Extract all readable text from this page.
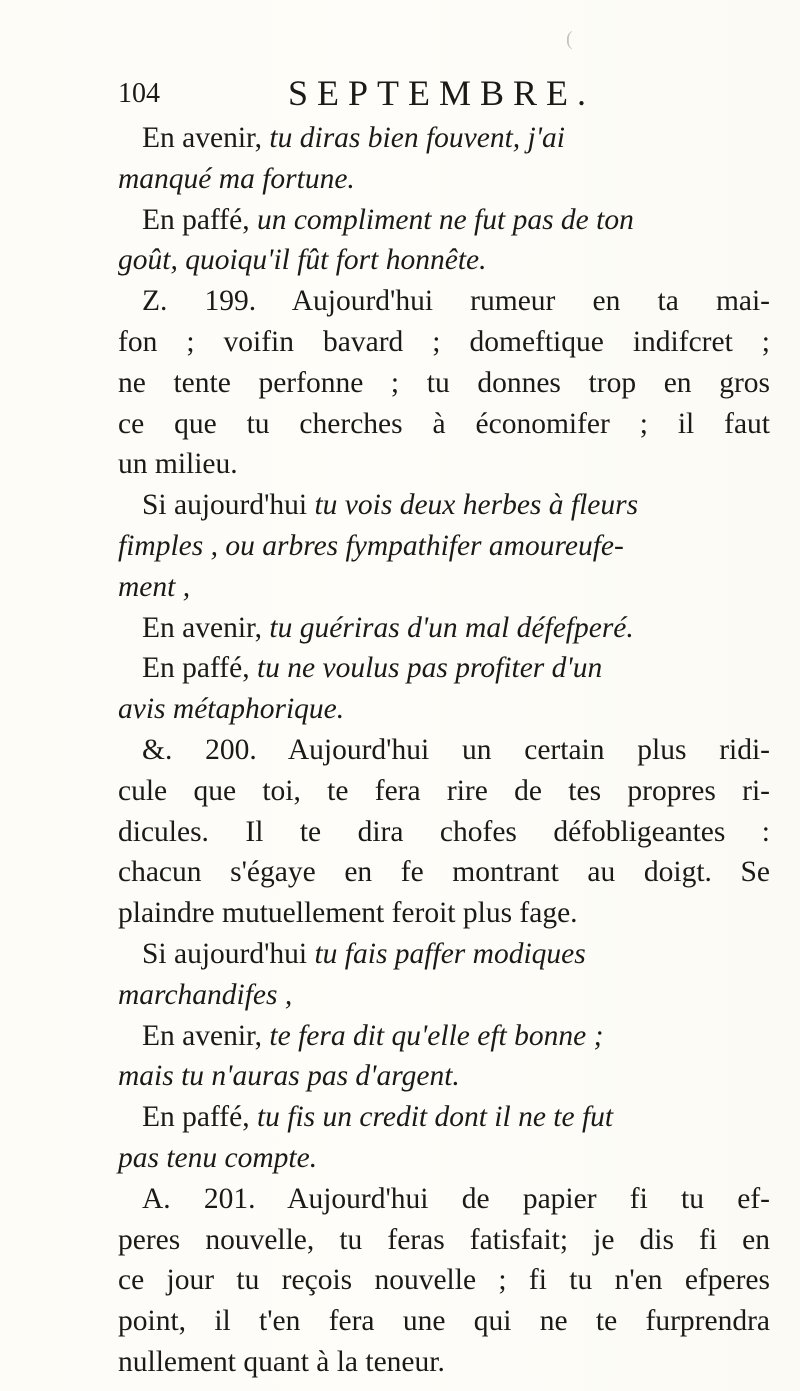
(
104	SEPTEMBRE.
En avenir, tu diras bien fouvent, j'ai
manqué ma fortune.
En paffé, un compliment ne fut pas de ton
goût, quoiqu'il fût fort honnête.
Z. 199. Aujourd'hui rumeur en ta mai-
fon ; voifin bavard ; domeftique indifcret ;
ne tente perfonne ; tu donnes trop en gros
ce que tu cherches à économifer ; il faut
un milieu.
Si aujourd'hui tu vois deux herbes à fleurs
fimples , ou arbres fympathifer amoureufe-
ment ,
En avenir, tu guériras d'un mal défefperé.
En paffé, tu ne voulus pas profiter d'un
avis métaphorique.
&. 200. Aujourd'hui un certain plus ridi-
cule que toi, te fera rire de tes propres ri-
dicules. Il te dira chofes défobligeantes :
chacun s'égaye en fe montrant au doigt. Se
plaindre mutuellement feroit plus fage.
Si aujourd'hui tu fais paffer modiques
marchandifes ,
En avenir, te fera dit qu'elle eft bonne ;
mais tu n'auras pas d'argent.
En paffé, tu fis un credit dont il ne te fut
pas tenu compte.
A. 201. Aujourd'hui de papier fi tu ef-
peres nouvelle, tu feras fatisfait; je dis fi en
ce jour tu reçois nouvelle ; fi tu n'en efperes
point, il t'en fera une qui ne te furprendra
nullement quant à la teneur.
